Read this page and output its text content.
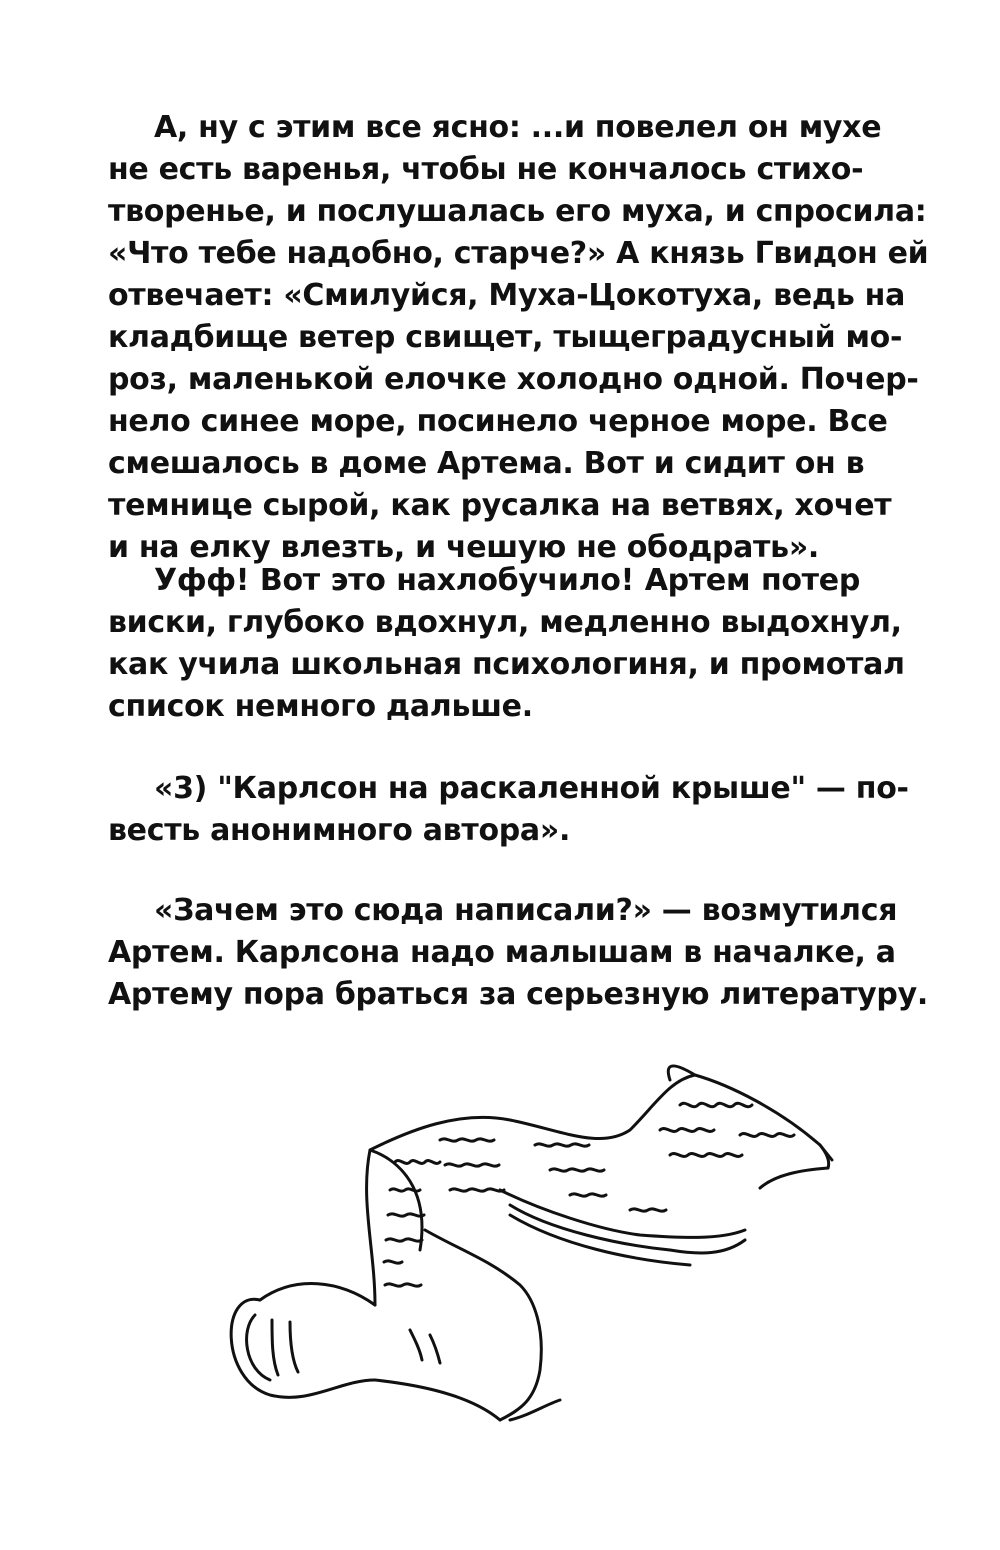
А, ну с этим все ясно: ...и повелел он мухе
не есть варенья, чтобы не кончалось стихо-
творенье, и послушалась его муха, и спросила:
«Что тебе надобно, старче?» А князь Гвидон ей
отвечает: «Смилуйся, Муха-Цокотуха, ведь на
кладбище ветер свищет, тыщеградусный мо-
роз, маленькой елочке холодно одной. Почер-
нело синее море, посинело черное море. Все
смешалось в доме Артема. Вот и сидит он в
темнице сырой, как русалка на ветвях, хочет
и на елку влезть, и чешую не ободрать».
Уфф! Вот это нахлобучило! Артем потер
виски, глубоко вдохнул, медленно выдохнул,
как учила школьная психологиня, и промотал
список немного дальше.
«3) "Карлсон на раскаленной крыше" — по-
весть анонимного автора».
«Зачем это сюда написали?» — возмутился
Артем. Карлсона надо малышам в началке, а
Артему пора браться за серьезную литературу.
